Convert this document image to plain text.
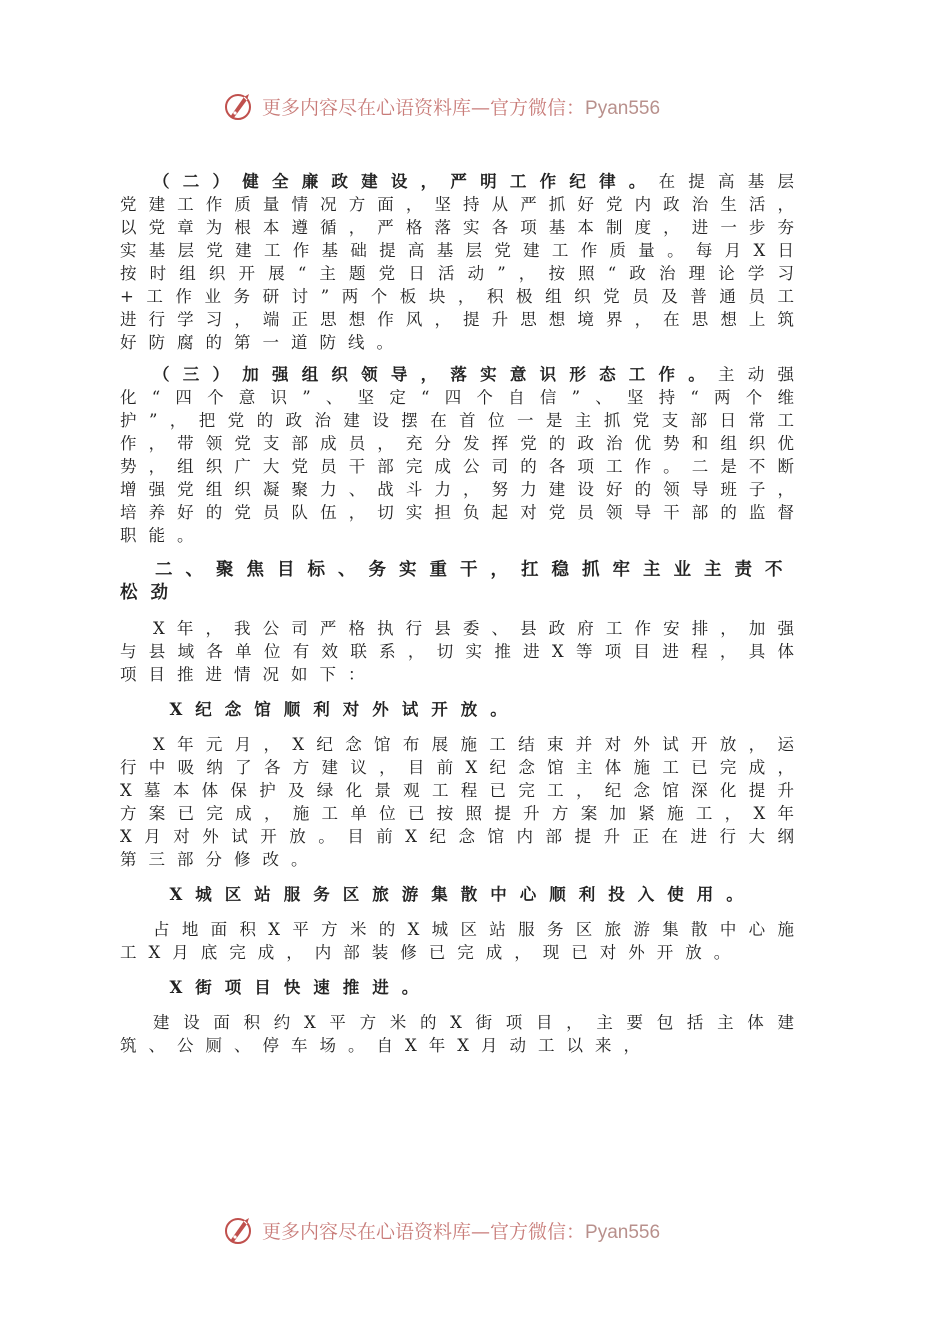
更多内容尽在心语资料库—官方微信：Pyan556

（二）健全廉政建设，严明工作纪律。在提高基层党建工作质量情况方面，坚持从严抓好党内政治生活，以党章为根本遵循，严格落实各项基本制度，进一步夯实基层党建工作基础提高基层党建工作质量。每月X日按时组织开展“主题党日活动”，按照“政治理论学习+工作业务研讨”两个板块，积极组织党员及普通员工进行学习，端正思想作风，提升思想境界，在思想上筑好防腐的第一道防线。

（三）加强组织领导，落实意识形态工作。主动强化“四个意识”、坚定“四个自信”、坚持“两个维护”，把党的政治建设摆在首位一是主抓党支部日常工作，带领党支部成员，充分发挥党的政治优势和组织优势，组织广大党员干部完成公司的各项工作。二是不断增强党组织凝聚力、战斗力，努力建设好的领导班子，培养好的党员队伍，切实担负起对党员领导干部的监督职能。

二、聚焦目标、务实重干，扛稳抓牢主业主责不松劲

X年，我公司严格执行县委、县政府工作安排，加强与县域各单位有效联系，切实推进X等项目进程，具体项目推进情况如下：

X纪念馆顺利对外试开放。

X年元月，X纪念馆布展施工结束并对外试开放，运行中吸纳了各方建议，目前X纪念馆主体施工已完成，X墓本体保护及绿化景观工程已完工，纪念馆深化提升方案已完成，施工单位已按照提升方案加紧施工，X年X月对外试开放。目前X纪念馆内部提升正在进行大纲第三部分修改。

X城区站服务区旅游集散中心顺利投入使用。

占地面积X平方米的X城区站服务区旅游集散中心施工X月底完成，内部装修已完成，现已对外开放。

X街项目快速推进。

建设面积约X平方米的X街项目，主要包括主体建筑、公厕、停车场。自X年X月动工以来，

更多内容尽在心语资料库—官方微信：Pyan556
